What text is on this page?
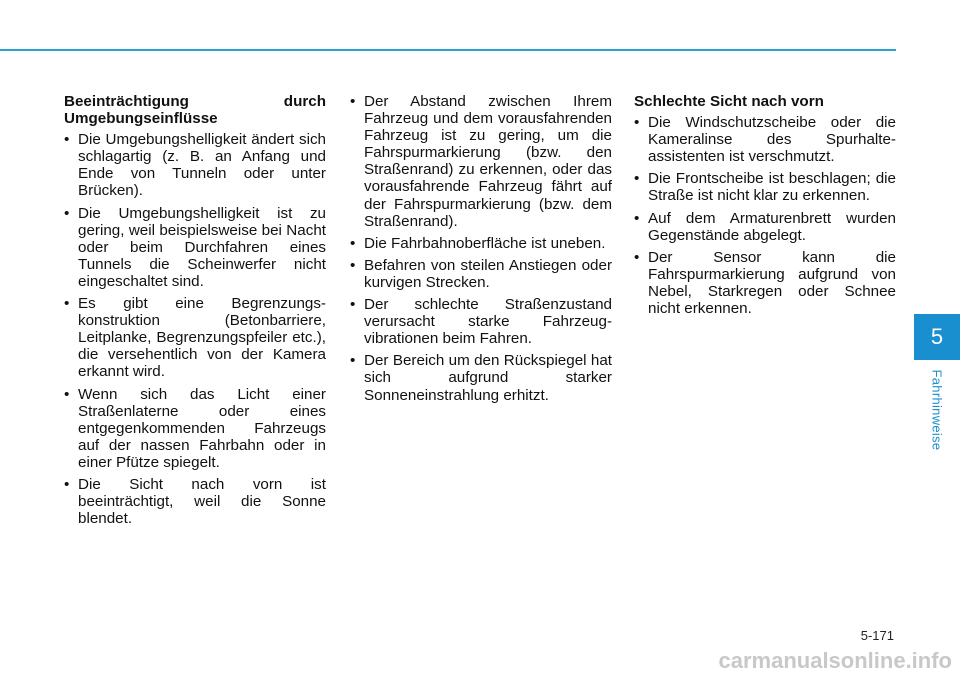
Beeinträchtigung durch Umgebungseinflüsse
• Die Umgebungshelligkeit ändert sich schlagartig (z. B. an Anfang und Ende von Tunneln oder unter Brücken).
• Die Umgebungshelligkeit ist zu gering, weil beispielsweise bei Nacht oder beim Durchfahren eines Tunnels die Scheinwerfer nicht eingeschaltet sind.
• Es gibt eine Begrenzungs-konstruktion (Betonbarriere, Leitplanke, Begrenzungspfeiler etc.), die versehentlich von der Kamera erkannt wird.
• Wenn sich das Licht einer Straßenlaterne oder eines entgegenkommenden Fahrzeugs auf der nassen Fahrbahn oder in einer Pfütze spiegelt.
• Die Sicht nach vorn ist beeinträchtigt, weil die Sonne blendet.
• Der Abstand zwischen Ihrem Fahrzeug und dem vorausfahrenden Fahrzeug ist zu gering, um die Fahrspurmarkierung (bzw. den Straßenrand) zu erkennen, oder das vorausfahrende Fahrzeug fährt auf der Fahrspurmarkierung (bzw. dem Straßenrand).
• Die Fahrbahnoberfläche ist uneben.
• Befahren von steilen Anstiegen oder kurvigen Strecken.
• Der schlechte Straßenzustand verursacht starke Fahrzeug-vibrationen beim Fahren.
• Der Bereich um den Rückspiegel hat sich aufgrund starker Sonneneinstrahlung erhitzt.
Schlechte Sicht nach vorn
• Die Windschutzscheibe oder die Kameralinse des Spurhalte-assistenten ist verschmutzt.
• Die Frontscheibe ist beschlagen; die Straße ist nicht klar zu erkennen.
• Auf dem Armaturenbrett wurden Gegenstände abgelegt.
• Der Sensor kann die Fahrspurmarkierung aufgrund von Nebel, Starkregen oder Schnee nicht erkennen.
5
Fahrhinweise
5-171
carmanualsonline.info
